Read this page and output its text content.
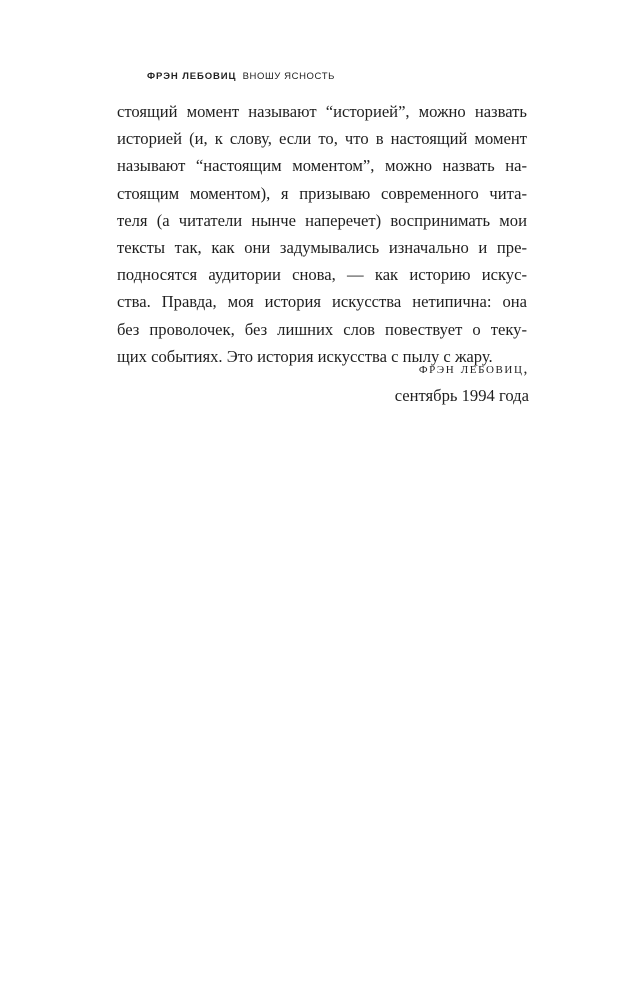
ФРЭН ЛЕБОВИЦ ВНОШУ ЯСНОСТЬ
стоящий момент называют “историей”, можно назвать
историей (и, к слову, если то, что в настоящий момент
называют “настоящим моментом”, можно назвать на-
стоящим моментом), я призываю современного чита-
теля (а читатели нынче наперечет) воспринимать мои
тексты так, как они задумывались изначально и пре-
подносятся аудитории снова, — как историю искус-
ства. Правда, моя история искусства нетипична: она
без проволочек, без лишних слов повествует о теку-
щих событиях. Это история искусства с пылу с жару.
фрэн лебовиц,
сентябрь 1994 года
